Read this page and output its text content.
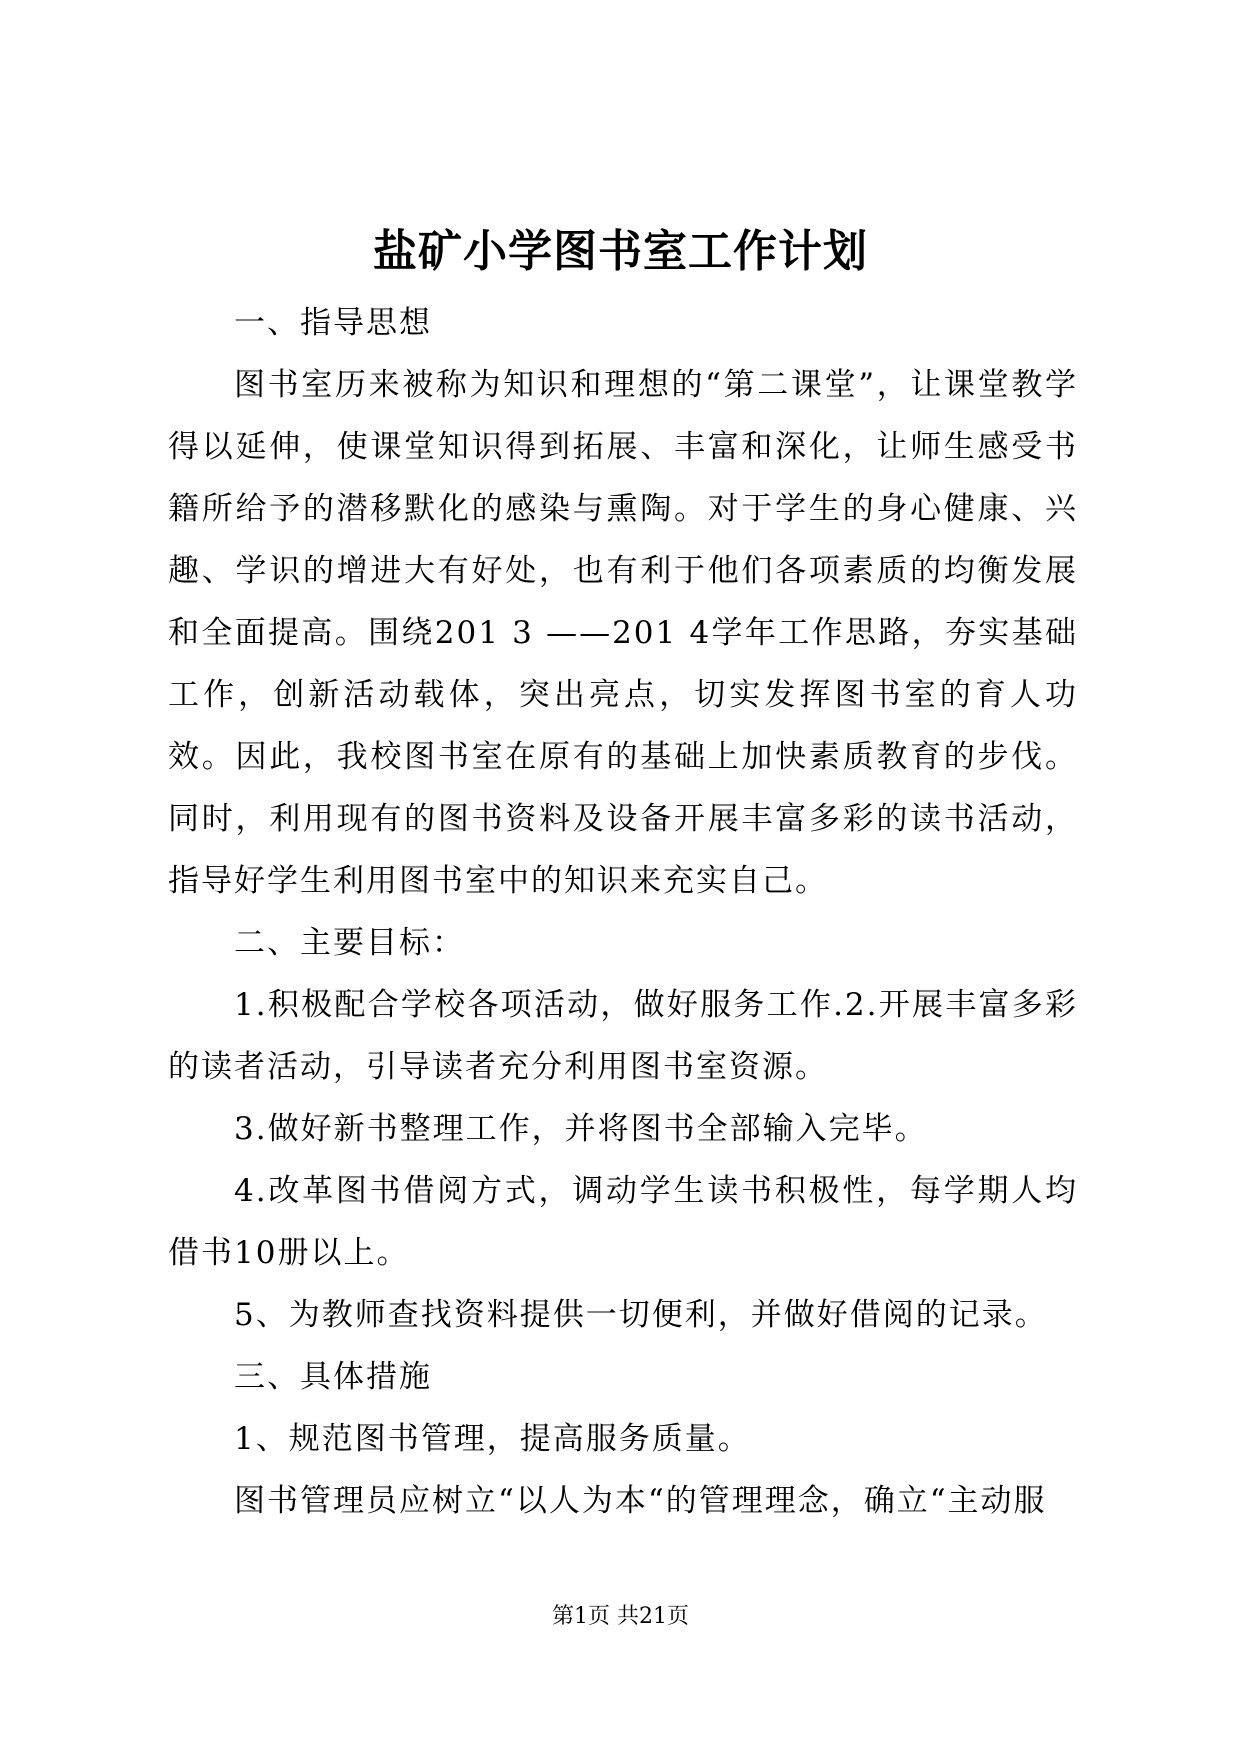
盐矿小学图书室工作计划

一、指导思想

图书室历来被称为知识和理想的“第二课堂”，让课堂教学得以延伸，使课堂知识得到拓展、丰富和深化，让师生感受书籍所给予的潜移默化的感染与熏陶。对于学生的身心健康、兴趣、学识的增进大有好处，也有利于他们各项素质的均衡发展和全面提高。围绕201 3 ——201 4学年工作思路，夯实基础工作，创新活动载体，突出亮点，切实发挥图书室的育人功效。因此，我校图书室在原有的基础上加快素质教育的步伐。同时，利用现有的图书资料及设备开展丰富多彩的读书活动，指导好学生利用图书室中的知识来充实自己。

二、主要目标：

1.积极配合学校各项活动，做好服务工作.2.开展丰富多彩的读者活动，引导读者充分利用图书室资源。

3.做好新书整理工作，并将图书全部输入完毕。

4.改革图书借阅方式，调动学生读书积极性，每学期人均借书10册以上。

5、为教师查找资料提供一切便利，并做好借阅的记录。

三、具体措施

1、规范图书管理，提高服务质量。

图书管理员应树立“以人为本“的管理理念，确立“主动服

第1页 共21页
